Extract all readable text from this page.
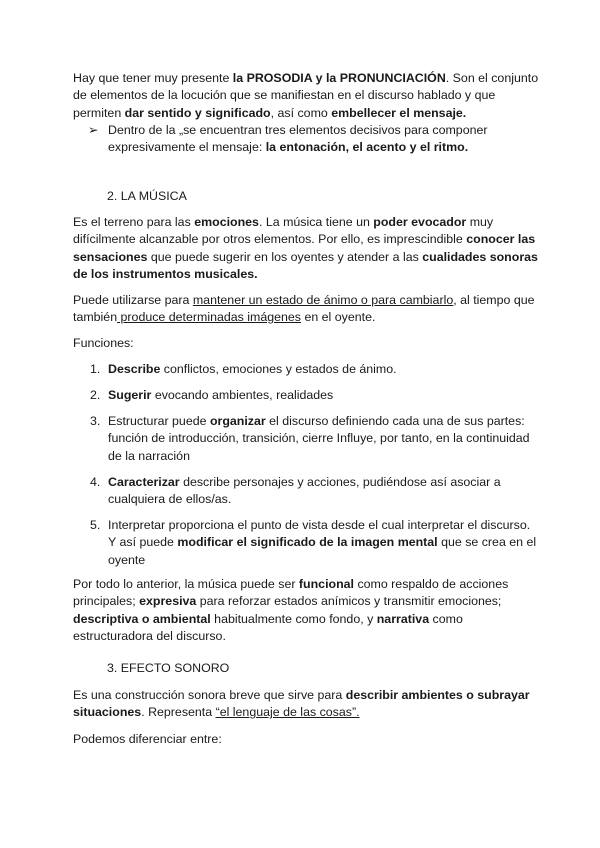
Hay que tener muy presente la PROSODIA y la PRONUNCIACIÓN. Son el conjunto de elementos de la locución que se manifiestan en el discurso hablado y que permiten dar sentido y significado, así como embellecer el mensaje.

➢ Dentro de la „se encuentran tres elementos decisivos para componer expresivamente el mensaje: la entonación, el acento y el ritmo.
2. LA MÚSICA

Es el terreno para las emociones. La música tiene un poder evocador muy difícilmente alcanzable por otros elementos. Por ello, es imprescindible conocer las sensaciones que puede sugerir en los oyentes y atender a las cualidades sonoras de los instrumentos musicales.

Puede utilizarse para mantener un estado de ánimo o para cambiarlo, al tiempo que también produce determinadas imágenes en el oyente.

Funciones:

1. Describe conflictos, emociones y estados de ánimo.
2. Sugerir evocando ambientes, realidades
3. Estructurar puede organizar el discurso definiendo cada una de sus partes: función de introducción, transición, cierre Influye, por tanto, en la continuidad de la narración
4. Caracterizar describe personajes y acciones, pudiéndose así asociar a cualquiera de ellos/as.
5. Interpretar proporciona el punto de vista desde el cual interpretar el discurso. Y así puede modificar el significado de la imagen mental que se crea en el oyente

Por todo lo anterior, la música puede ser funcional como respaldo de acciones principales; expresiva para reforzar estados anímicos y transmitir emociones; descriptiva o ambiental habitualmente como fondo, y narrativa como estructuradora del discurso.

3. EFECTO SONORO

Es una construcción sonora breve que sirve para describir ambientes o subrayar situaciones. Representa “el lenguaje de las cosas”.

Podemos diferenciar entre:
